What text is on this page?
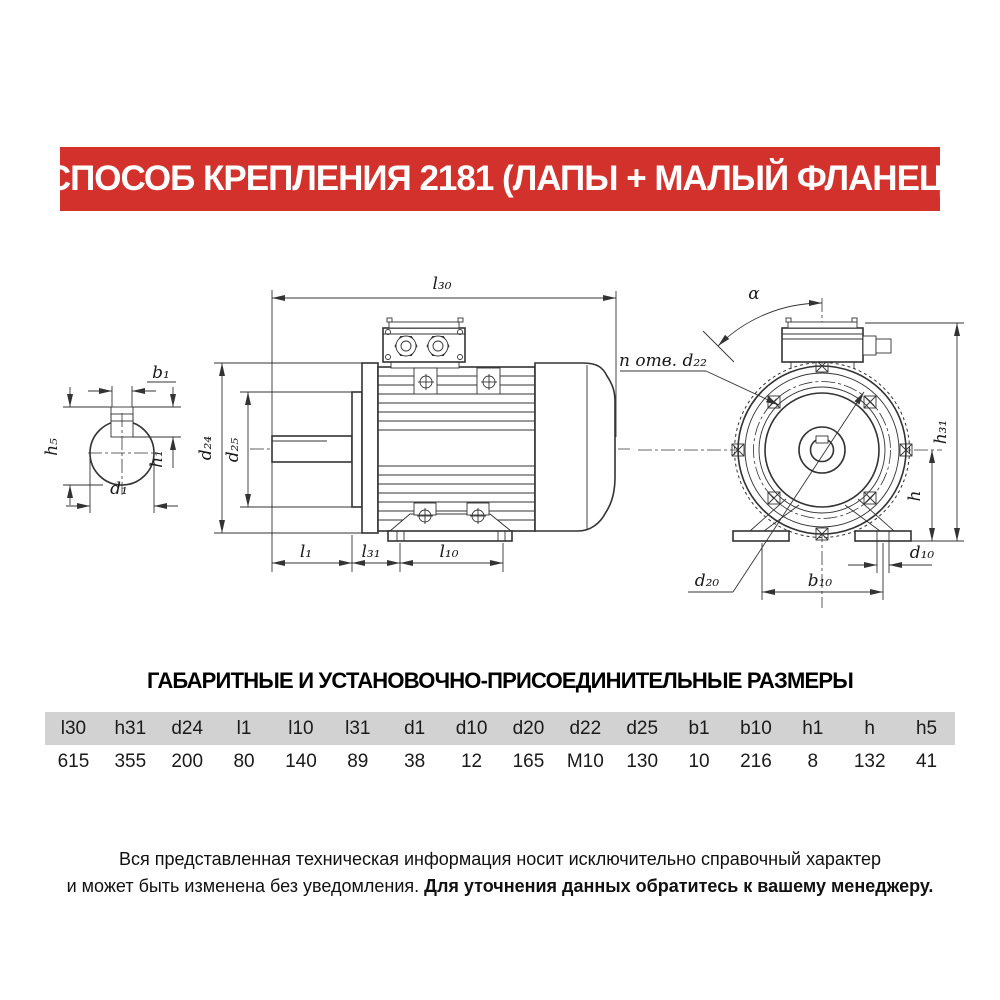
СПОСОБ КРЕПЛЕНИЯ 2181 (ЛАПЫ + МАЛЫЙ ФЛАНЕЦ)
b₁
h₅
h₁
d₁
l₃₀
d₂₄ d₂₅
l₁	l₃₁	l₁₀
α
n отв. d₂₂
d₂₀
h₃₁
h
d₁₀
b₁₀
ГАБАРИТНЫЕ И УСТАНОВОЧНО-ПРИСОЕДИНИТЕЛЬНЫЕ РАЗМЕРЫ
l30	h31	d24	l1	l10	l31	d1	d10	d20	d22	d25	b1	b10	h1	h	h5
615	355	200	80	140	89	38	12	165	M10	130	10	216	8	132	41
Вся представленная техническая информация носит исключительно справочный характер
и может быть изменена без уведомления. Для уточнения данных обратитесь к вашему менеджеру.
